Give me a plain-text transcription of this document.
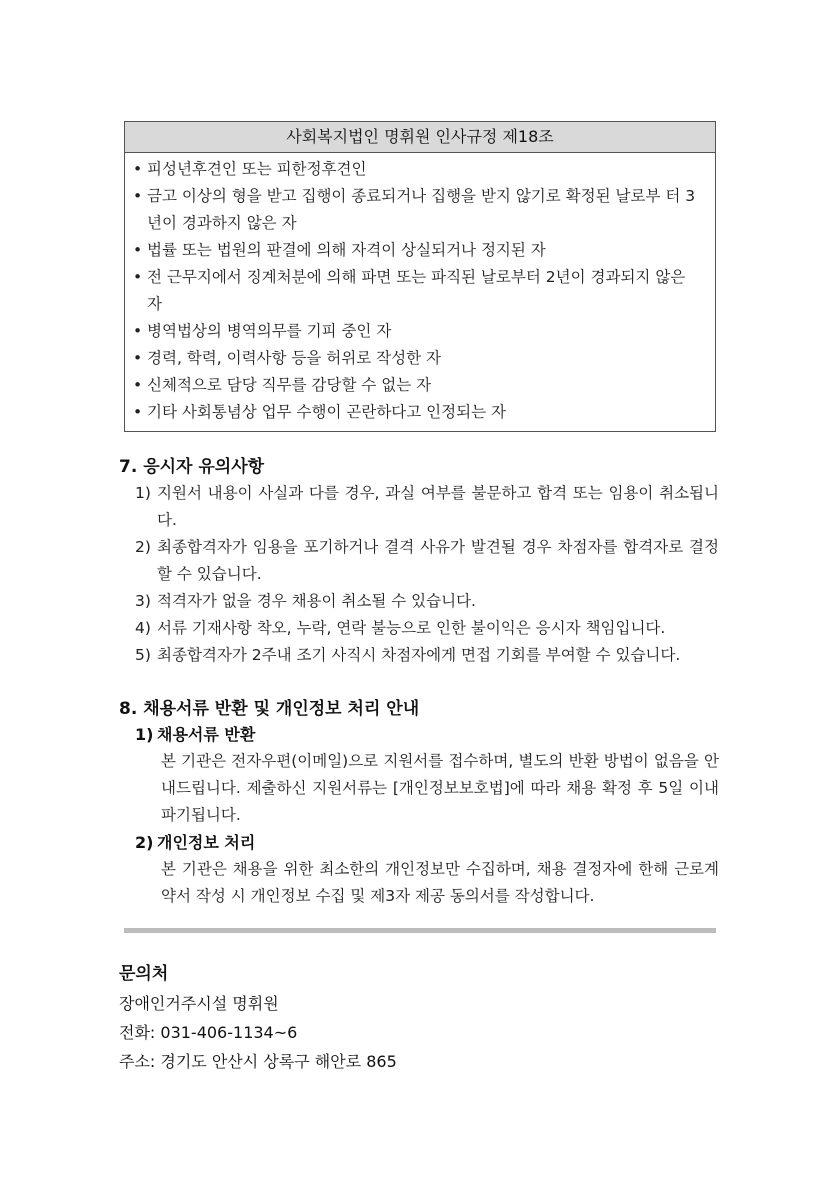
사회복지법인 명휘원 인사규정 제18조
• 피성년후견인 또는 피한정후견인
• 금고 이상의 형을 받고 집행이 종료되거나 집행을 받지 않기로 확정된 날로부 터 3년이 경과하지 않은 자
• 법률 또는 법원의 판결에 의해 자격이 상실되거나 정지된 자
• 전 근무지에서 징계처분에 의해 파면 또는 파직된 날로부터 2년이 경과되지 않은 자
• 병역법상의 병역의무를 기피 중인 자
• 경력, 학력, 이력사항 등을 허위로 작성한 자
• 신체적으로 담당 직무를 감당할 수 없는 자
• 기타 사회통념상 업무 수행이 곤란하다고 인정되는 자
7. 응시자 유의사항
1) 지원서 내용이 사실과 다를 경우, 과실 여부를 불문하고 합격 또는 임용이 취소됩니다.
2) 최종합격자가 임용을 포기하거나 결격 사유가 발견될 경우 차점자를 합격자로 결정할 수 있습니다.
3) 적격자가 없을 경우 채용이 취소될 수 있습니다.
4) 서류 기재사항 착오, 누락, 연락 불능으로 인한 불이익은 응시자 책임입니다.
5) 최종합격자가 2주내 조기 사직시 차점자에게 면접 기회를 부여할 수 있습니다.
8. 채용서류 반환 및 개인정보 처리 안내
1) 채용서류 반환
본 기관은 전자우편(이메일)으로 지원서를 접수하며, 별도의 반환 방법이 없음을 안내드립니다. 제출하신 지원서류는 [개인정보보호법]에 따라 채용 확정 후 5일 이내 파기됩니다.
2) 개인정보 처리
본 기관은 채용을 위한 최소한의 개인정보만 수집하며, 채용 결정자에 한해 근로계약서 작성 시 개인정보 수집 및 제3자 제공 동의서를 작성합니다.
문의처
장애인거주시설 명휘원
전화: 031-406-1134~6
주소: 경기도 안산시 상록구 해안로 865
